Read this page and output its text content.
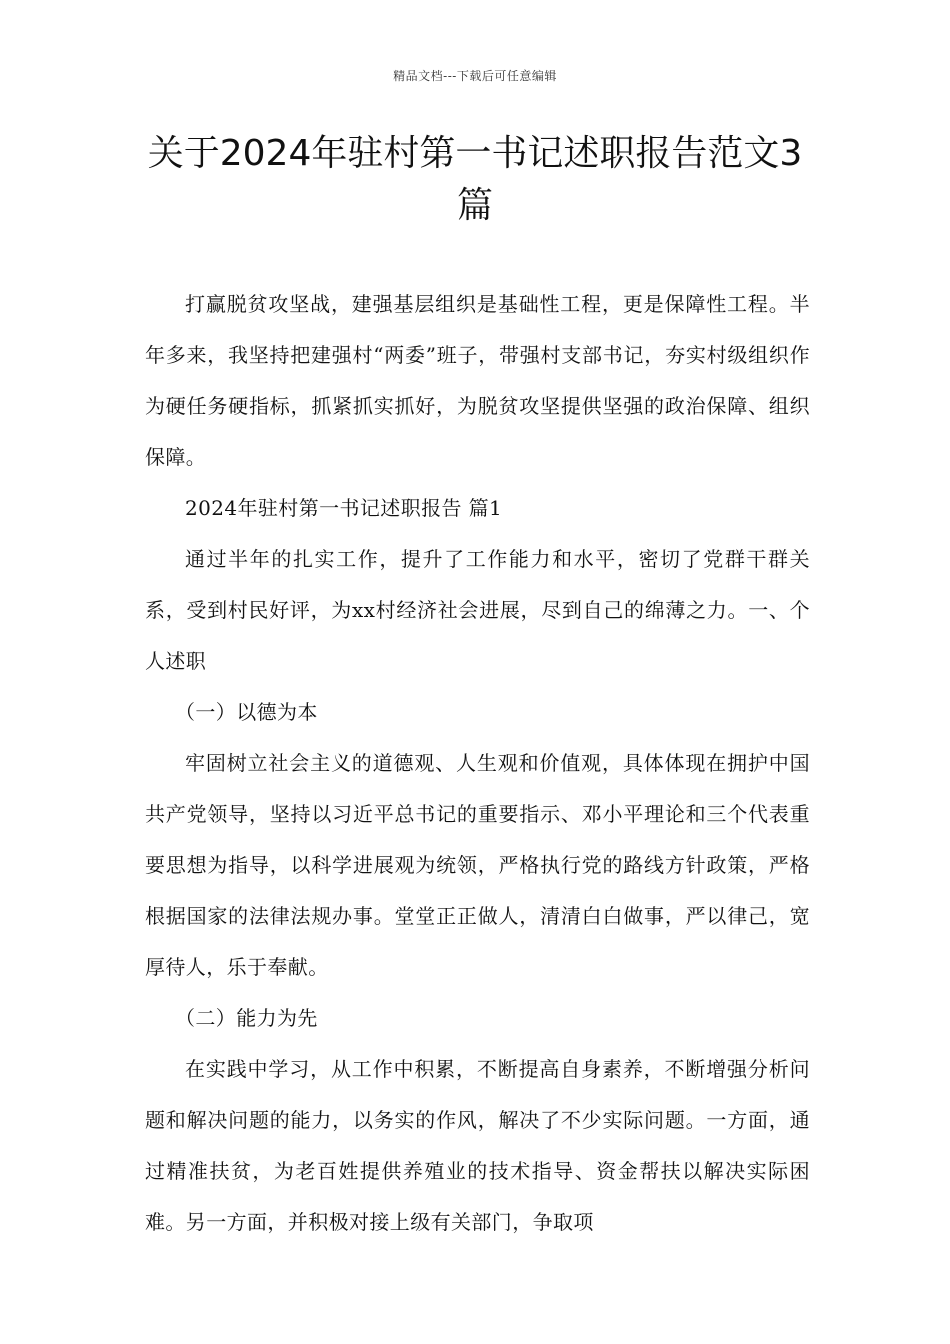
精品文档---下载后可任意编辑
关于2024年驻村第一书记述职报告范文3篇

打赢脱贫攻坚战，建强基层组织是基础性工程，更是保障性工程。半年多来，我坚持把建强村“两委”班子，带强村支部书记，夯实村级组织作为硬任务硬指标，抓紧抓实抓好，为脱贫攻坚提供坚强的政治保障、组织保障。

2024年驻村第一书记述职报告 篇1

通过半年的扎实工作，提升了工作能力和水平，密切了党群干群关系，受到村民好评，为xx村经济社会进展，尽到自己的绵薄之力。一、个人述职

（一）以德为本

牢固树立社会主义的道德观、人生观和价值观，具体体现在拥护中国共产党领导，坚持以习近平总书记的重要指示、邓小平理论和三个代表重要思想为指导，以科学进展观为统领，严格执行党的路线方针政策，严格根据国家的法律法规办事。堂堂正正做人，清清白白做事，严以律己，宽厚待人，乐于奉献。

（二）能力为先

在实践中学习，从工作中积累，不断提高自身素养，不断增强分析问题和解决问题的能力，以务实的作风，解决了不少实际问题。一方面，通过精准扶贫，为老百姓提供养殖业的技术指导、资金帮扶以解决实际困难。另一方面，并积极对接上级有关部门，争取项
